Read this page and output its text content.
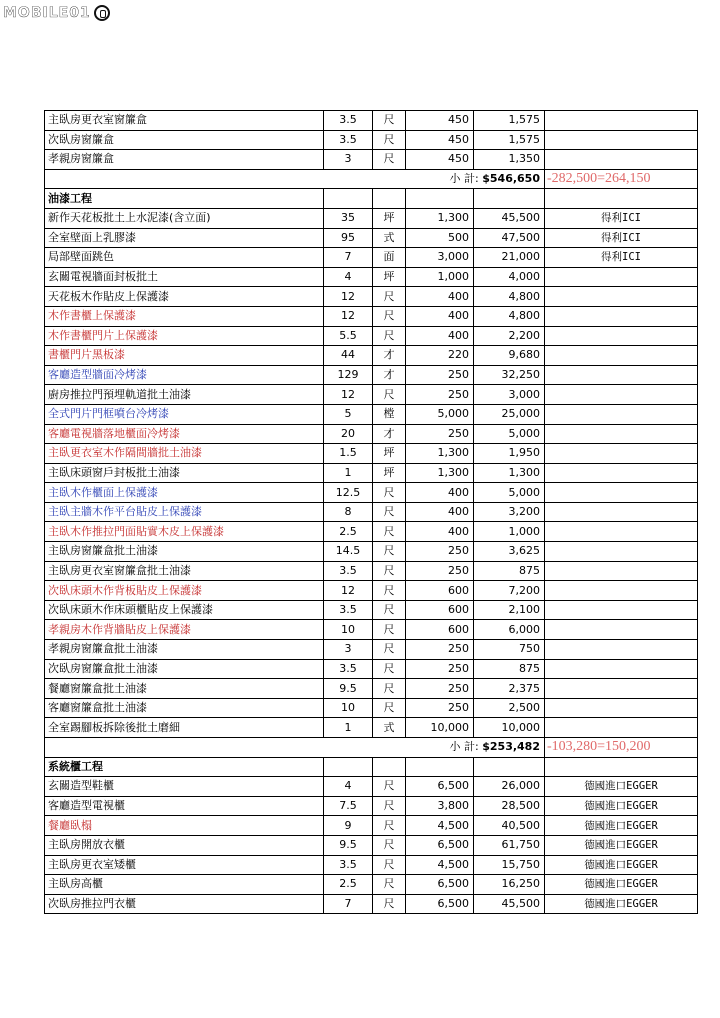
MOBILE01
主臥房更衣室窗簾盒	3.5	尺	450	1,575	
次臥房窗簾盒	3.5	尺	450	1,575	
孝親房窗簾盒	3	尺	450	1,350	
小 計: $546,650					-282,500=264,150
油漆工程					
新作天花板批土上水泥漆(含立面)	35	坪	1,300	45,500	得利ICI
全室壁面上乳膠漆	95	式	500	47,500	得利ICI
局部壁面跳色	7	面	3,000	21,000	得利ICI
玄關電視牆面封板批土	4	坪	1,000	4,000	
天花板木作貼皮上保護漆	12	尺	400	4,800	
木作書櫃上保護漆	12	尺	400	4,800	
木作書櫃門片上保護漆	5.5	尺	400	2,200	
書櫃門片黑板漆	44	才	220	9,680	
客廳造型牆面冷烤漆	129	才	250	32,250	
廚房推拉門預埋軌道批土油漆	12	尺	250	3,000	
全式門片門框噴台冷烤漆	5	樘	5,000	25,000	
客廳電視牆落地櫃面冷烤漆	20	才	250	5,000	
主臥更衣室木作隔間牆批土油漆	1.5	坪	1,300	1,950	
主臥床頭窗戶封板批土油漆	1	坪	1,300	1,300	
主臥木作櫃面上保護漆	12.5	尺	400	5,000	
主臥主牆木作平台貼皮上保護漆	8	尺	400	3,200	
主臥木作推拉門面貼實木皮上保護漆	2.5	尺	400	1,000	
主臥房窗簾盒批土油漆	14.5	尺	250	3,625	
主臥房更衣室窗簾盒批土油漆	3.5	尺	250	875	
次臥床頭木作背板貼皮上保護漆	12	尺	600	7,200	
次臥床頭木作床頭櫃貼皮上保護漆	3.5	尺	600	2,100	
孝親房木作背牆貼皮上保護漆	10	尺	600	6,000	
孝親房窗簾盒批土油漆	3	尺	250	750	
次臥房窗簾盒批土油漆	3.5	尺	250	875	
餐廳窗簾盒批土油漆	9.5	尺	250	2,375	
客廳窗簾盒批土油漆	10	尺	250	2,500	
全室踢腳板拆除後批土磨細	1	式	10,000	10,000	
小 計: $253,482					-103,280=150,200
系統櫃工程					
玄關造型鞋櫃	4	尺	6,500	26,000	德國進口EGGER
客廳造型電視櫃	7.5	尺	3,800	28,500	德國進口EGGER
餐廳臥榻	9	尺	4,500	40,500	德國進口EGGER
主臥房開放衣櫃	9.5	尺	6,500	61,750	德國進口EGGER
主臥房更衣室矮櫃	3.5	尺	4,500	15,750	德國進口EGGER
主臥房高櫃	2.5	尺	6,500	16,250	德國進口EGGER
次臥房推拉門衣櫃	7	尺	6,500	45,500	德國進口EGGER
